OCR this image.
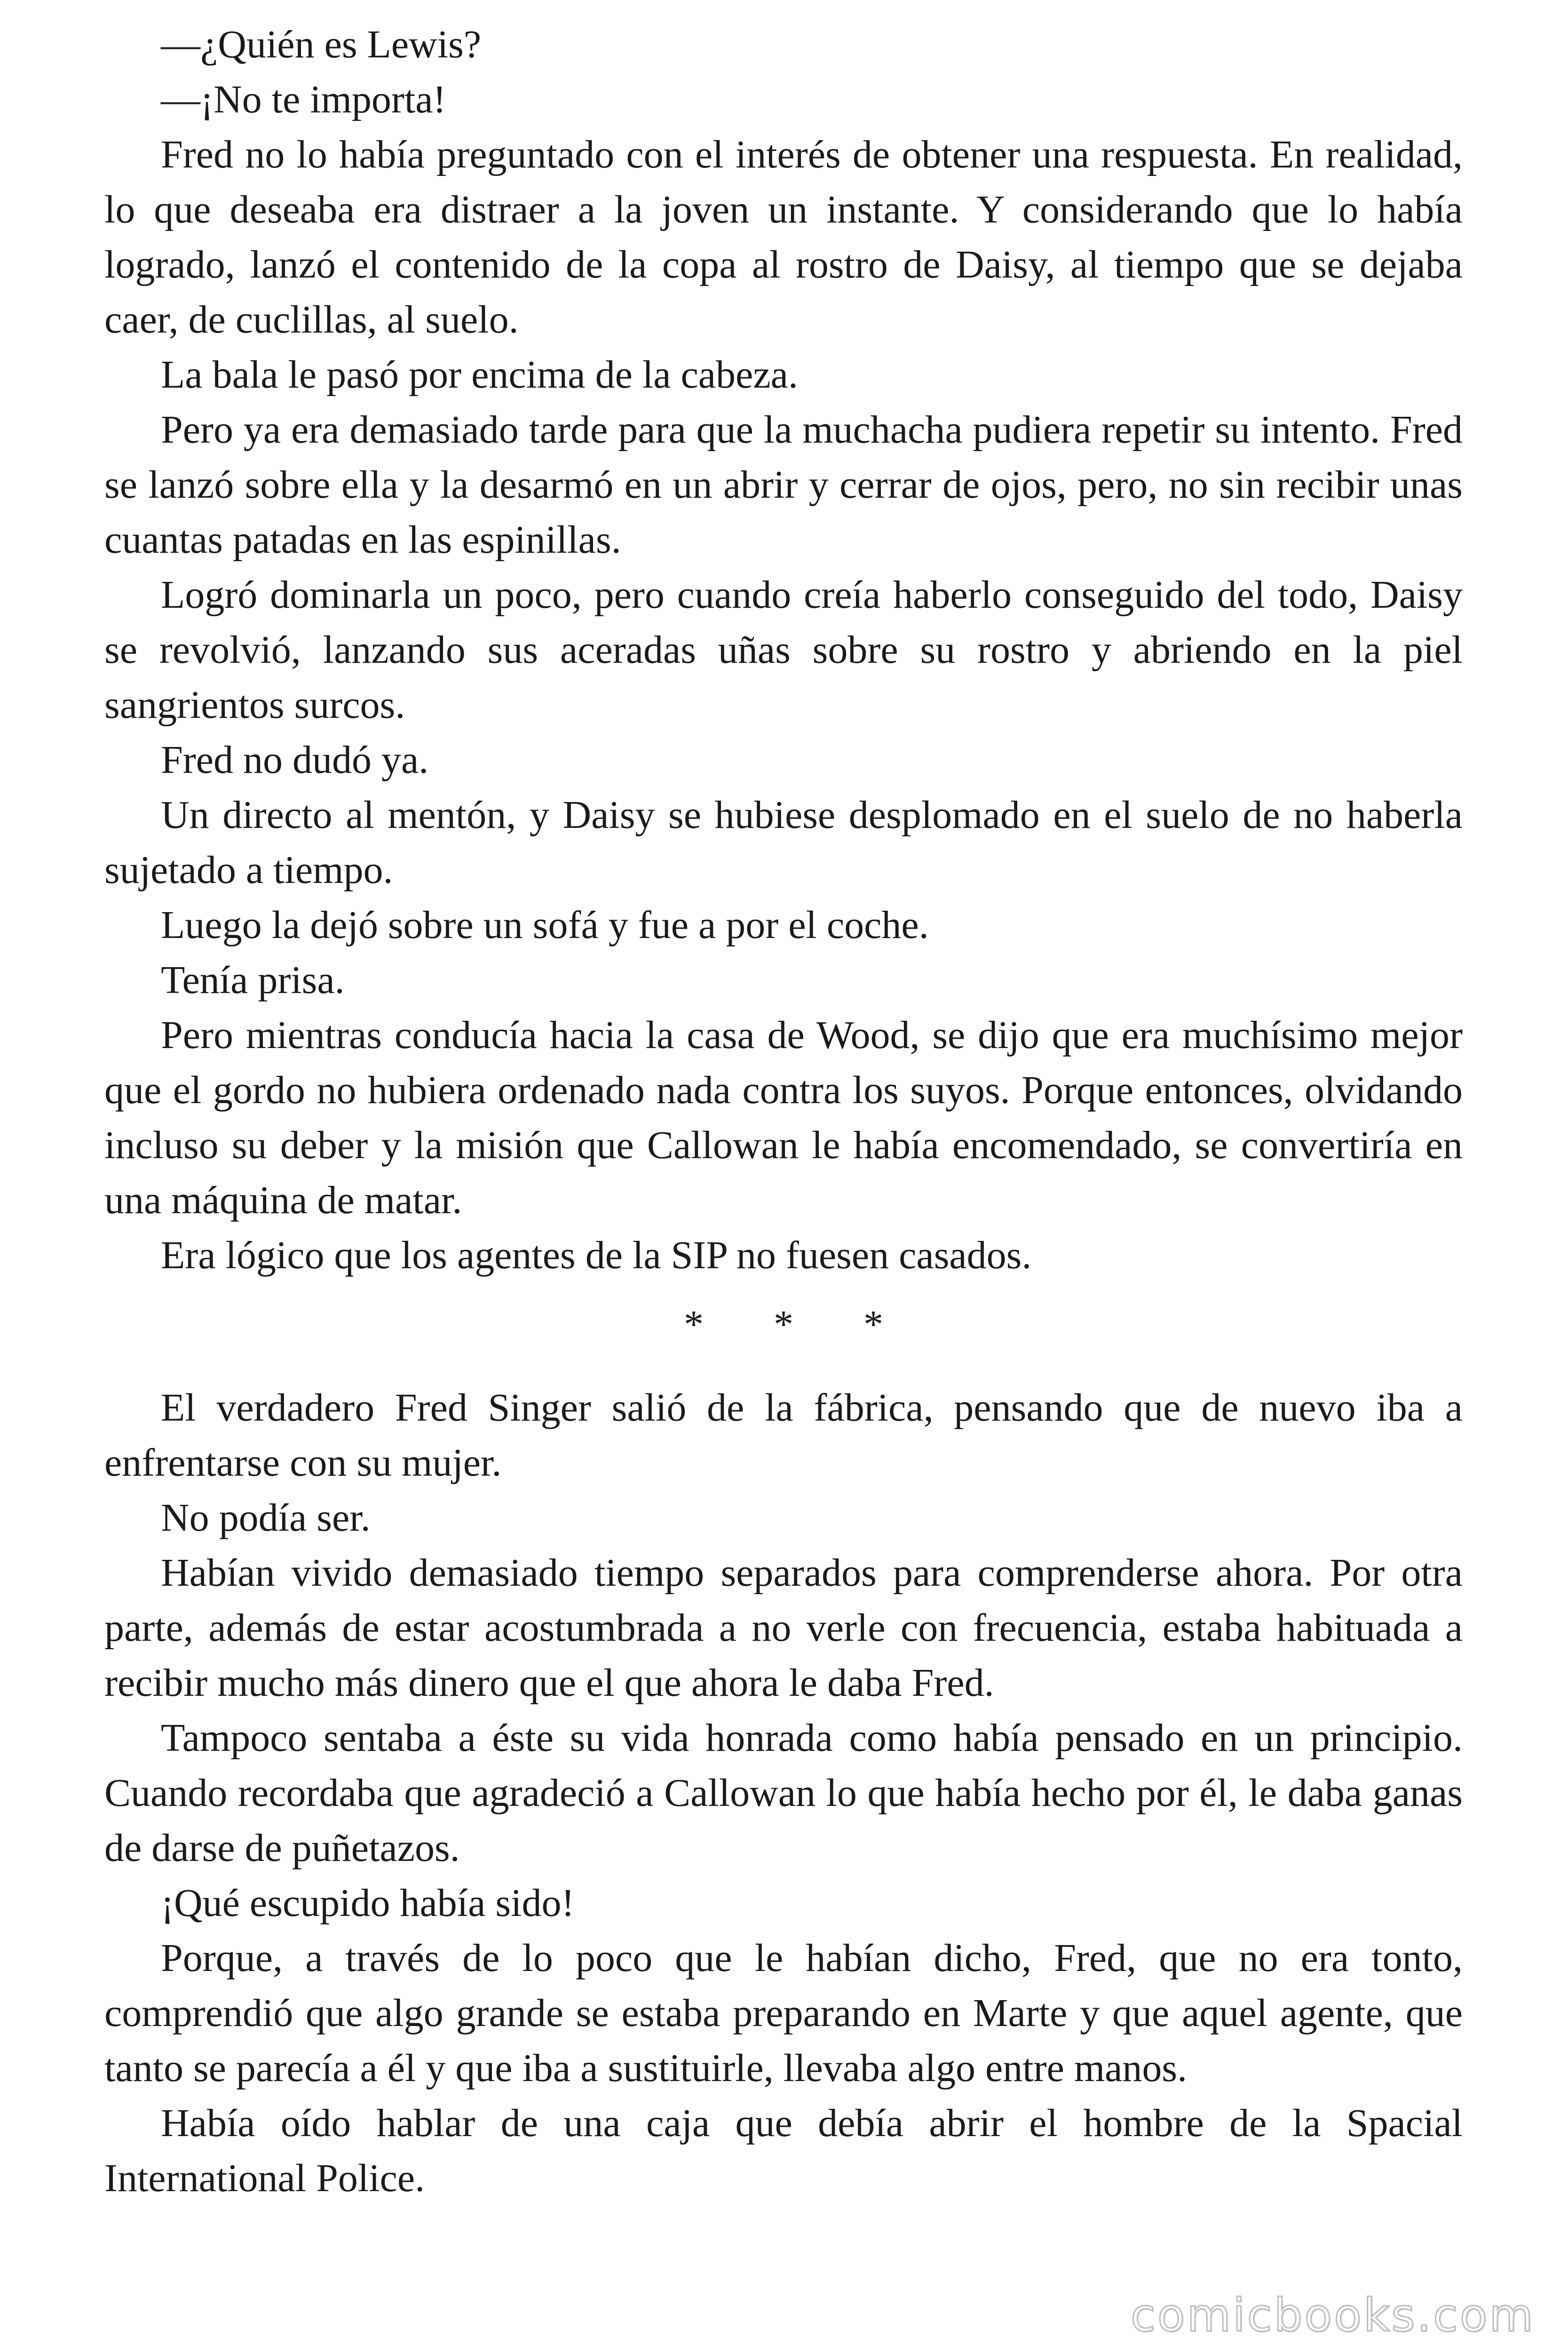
—¿Quién es Lewis?

—¡No te importa!

Fred no lo había preguntado con el interés de obtener una respuesta. En realidad, lo que deseaba era distraer a la joven un instante. Y considerando que lo había logrado, lanzó el contenido de la copa al rostro de Daisy, al tiempo que se dejaba caer, de cuclillas, al suelo.

La bala le pasó por encima de la cabeza.

Pero ya era demasiado tarde para que la muchacha pudiera repetir su intento. Fred se lanzó sobre ella y la desarmó en un abrir y cerrar de ojos, pero, no sin recibir unas cuantas patadas en las espinillas.

Logró dominarla un poco, pero cuando creía haberlo conseguido del todo, Daisy se revolvió, lanzando sus aceradas uñas sobre su rostro y abriendo en la piel sangrientos surcos.

Fred no dudó ya.

Un directo al mentón, y Daisy se hubiese desplomado en el suelo de no haberla sujetado a tiempo.

Luego la dejó sobre un sofá y fue a por el coche.

Tenía prisa.

Pero mientras conducía hacia la casa de Wood, se dijo que era muchísimo mejor que el gordo no hubiera ordenado nada contra los suyos. Porque entonces, olvidando incluso su deber y la misión que Callowan le había encomendado, se convertiría en una máquina de matar.

Era lógico que los agentes de la SIP no fuesen casados.

* * *

El verdadero Fred Singer salió de la fábrica, pensando que de nuevo iba a enfrentarse con su mujer.

No podía ser.

Habían vivido demasiado tiempo separados para comprenderse ahora. Por otra parte, además de estar acostumbrada a no verle con frecuencia, estaba habituada a recibir mucho más dinero que el que ahora le daba Fred.

Tampoco sentaba a éste su vida honrada como había pensado en un principio. Cuando recordaba que agradeció a Callowan lo que había hecho por él, le daba ganas de darse de puñetazos.

¡Qué escupido había sido!

Porque, a través de lo poco que le habían dicho, Fred, que no era tonto, comprendió que algo grande se estaba preparando en Marte y que aquel agente, que tanto se parecía a él y que iba a sustituirle, llevaba algo entre manos.

Había oído hablar de una caja que debía abrir el hombre de la Spacial International Police.

comicbooks.com
